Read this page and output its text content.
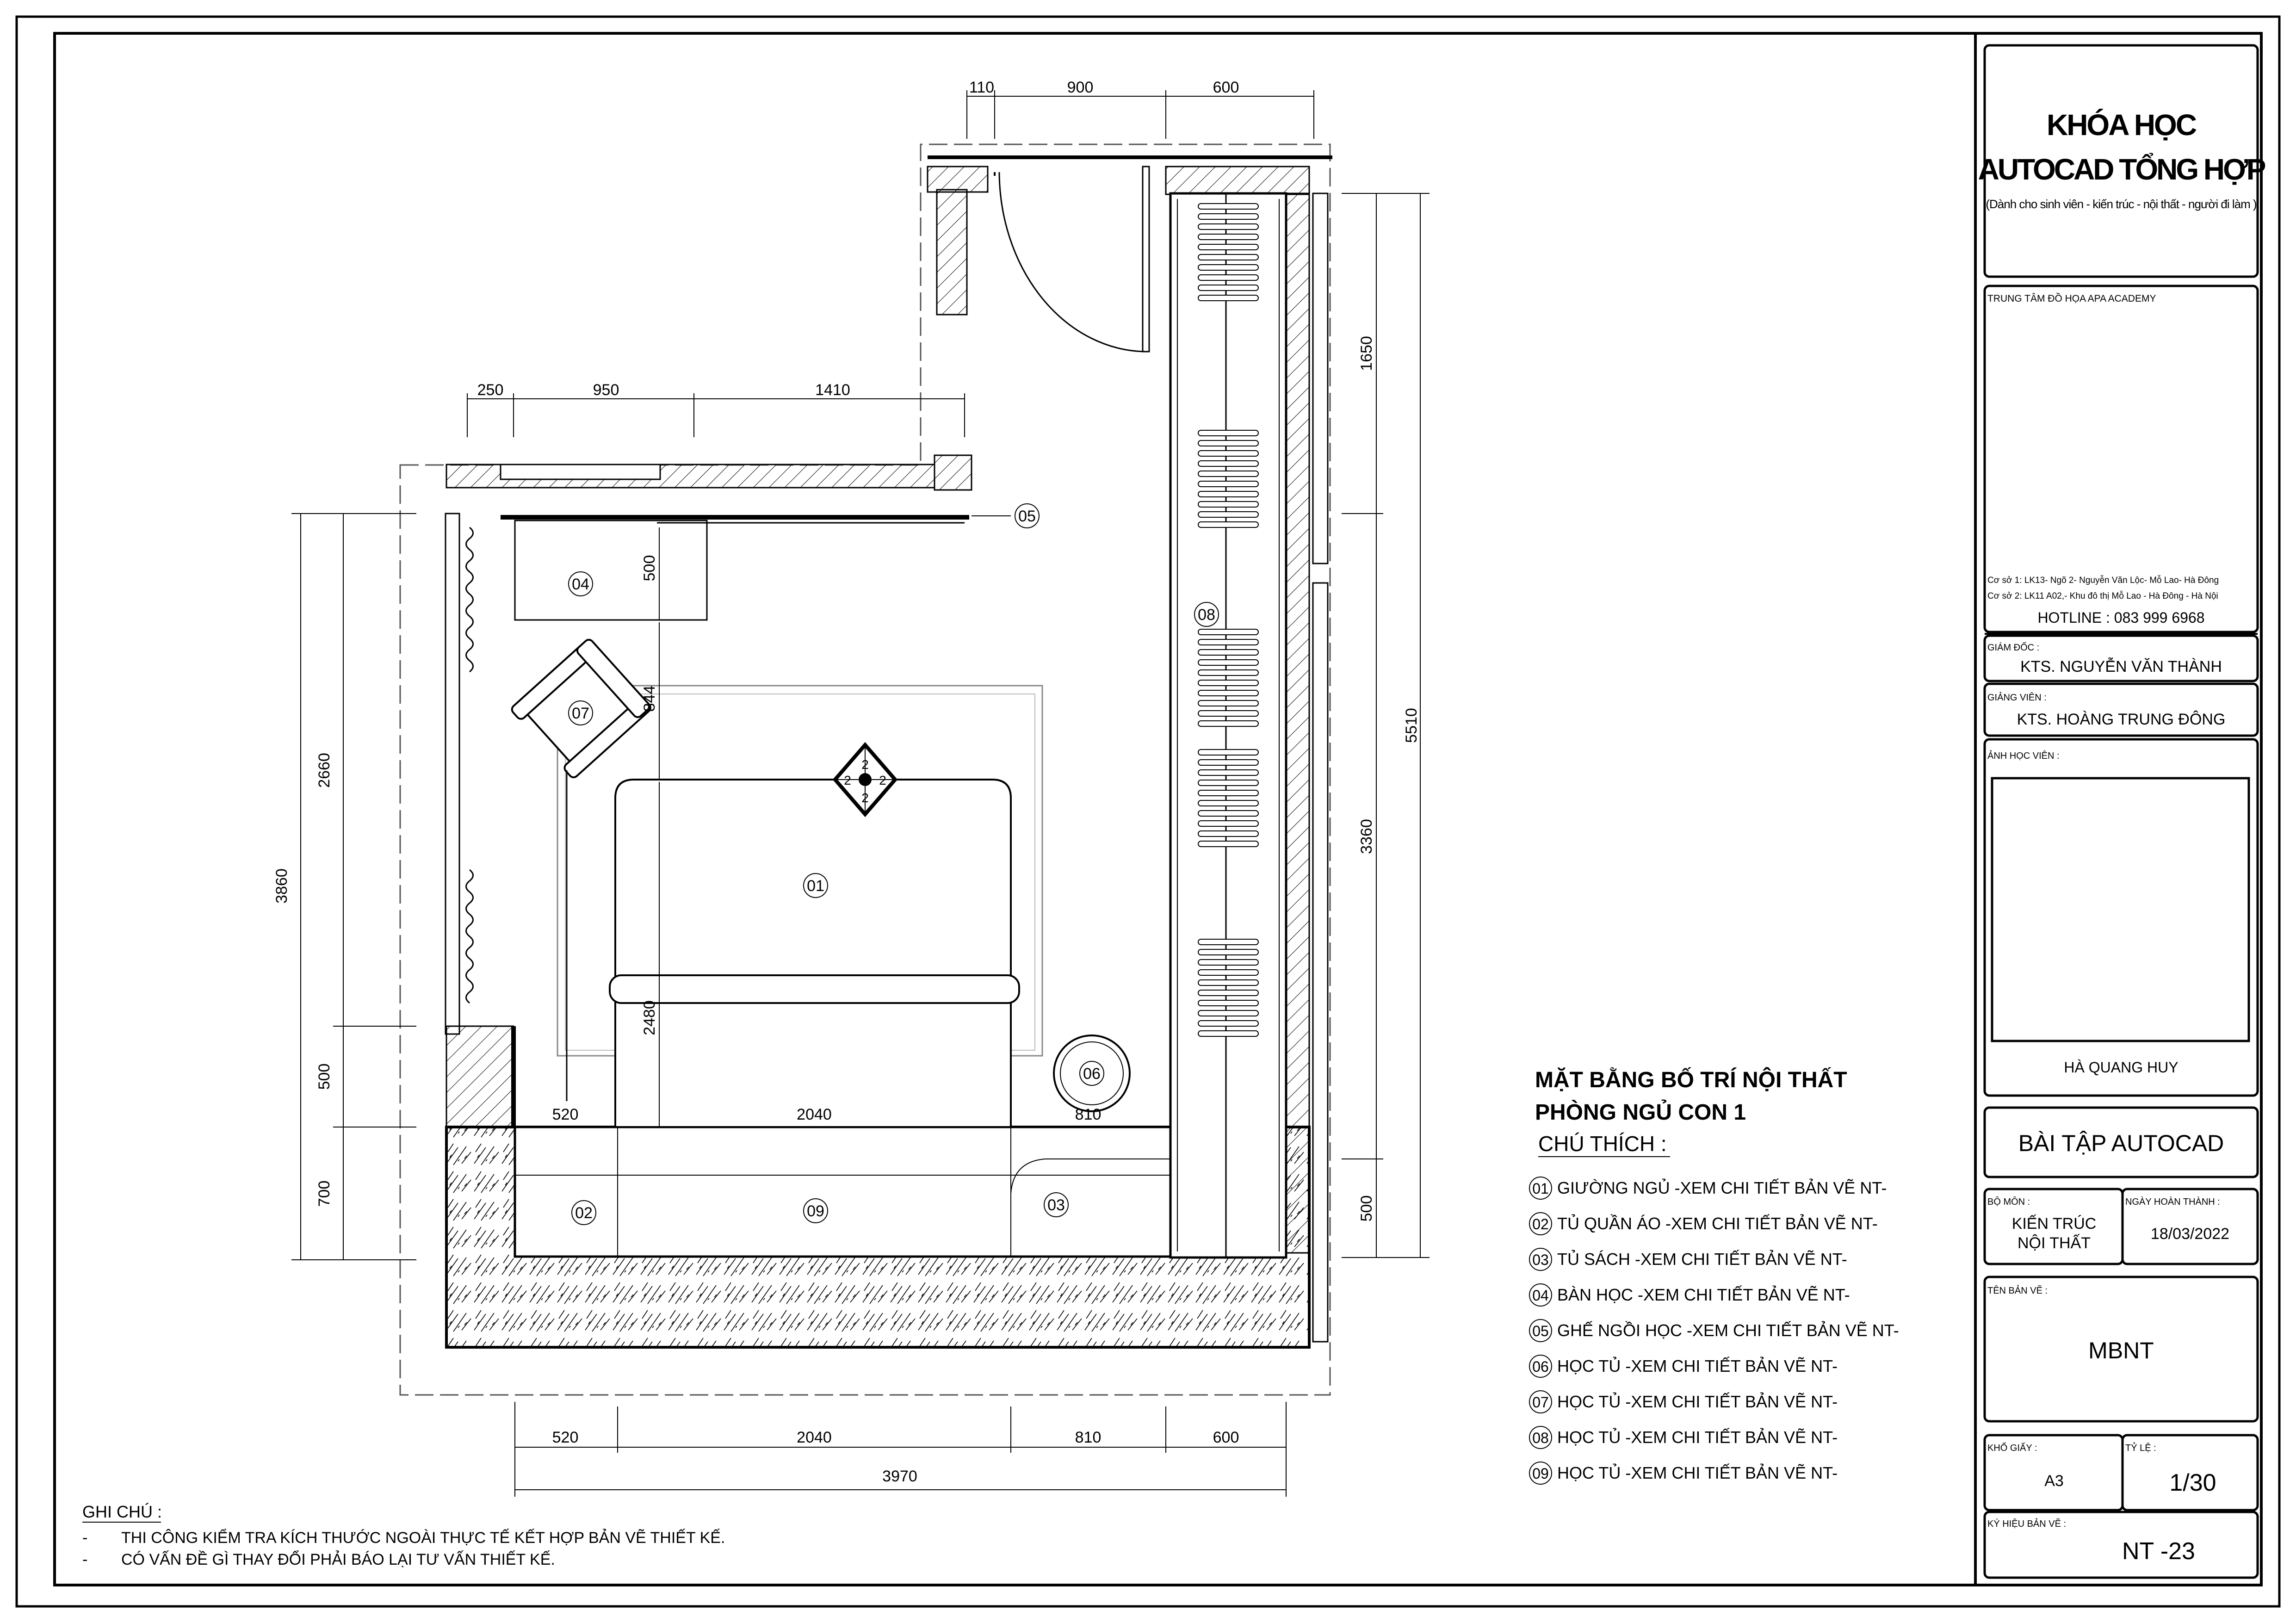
KHÓA HỌC
AUTOCAD TỔNG HỢP
(Dành cho sinh viên - kiến trúc - nội thất - người đi làm )
TRUNG TÂM ĐỒ HỌA APA ACADEMY
Cơ sở 1: LK13- Ngõ 2- Nguyễn Văn Lộc- Mỗ Lao- Hà Đông
Cơ sở 2: LK11 A02,- Khu đô thị Mỗ Lao - Hà Đông - Hà Nội
HOTLINE : 083 999 6968
GIÁM ĐỐC :
KTS. NGUYỄN VĂN THÀNH
GIẢNG VIÊN :
KTS. HOÀNG TRUNG ĐÔNG
ẢNH HỌC VIÊN :
HÀ QUANG HUY
BÀI TẬP AUTOCAD
BỘ MÔN :
KIẾN TRÚC
NỘI THẤT
NGÀY HOÀN THÀNH :
18/03/2022
TÊN BẢN VẼ :
MBNT
KHỔ GIẤY :
A3
TỶ LỆ :
1/30
KÝ HIỆU BẢN VẼ :
NT -23
2
2
2 2
01
02	03
04
05
06
07
08
09
110	900	600
250	950	1410
2660
3860
500
700
1650
5510
3360
500
520	2040	810	600
3970
520	2040	810
500
844
2480
MẶT BẰNG BỐ TRÍ NỘI THẤT
PHÒNG NGỦ CON 1
CHÚ THÍCH :
01 GIƯỜNG NGỦ -XEM CHI TIẾT BẢN VẼ NT-
02 TỦ QUẦN ÁO -XEM CHI TIẾT BẢN VẼ NT-
03 TỦ SÁCH -XEM CHI TIẾT BẢN VẼ NT-
04 BÀN HỌC -XEM CHI TIẾT BẢN VẼ NT-
05 GHẾ NGỒI HỌC -XEM CHI TIẾT BẢN VẼ NT-
06 HỌC TỦ -XEM CHI TIẾT BẢN VẼ NT-
07 HỌC TỦ -XEM CHI TIẾT BẢN VẼ NT-
08 HỌC TỦ -XEM CHI TIẾT BẢN VẼ NT-
09 HỌC TỦ -XEM CHI TIẾT BẢN VẼ NT-
GHI CHÚ :
- THI CÔNG KIỂM TRA KÍCH THƯỚC NGOÀI THỰC TẾ KẾT HỢP BẢN VẼ THIẾT KẾ.
- CÓ VẤN ĐỀ GÌ THAY ĐỔI PHẢI BÁO LẠI TƯ VẤN THIẾT KẾ.
